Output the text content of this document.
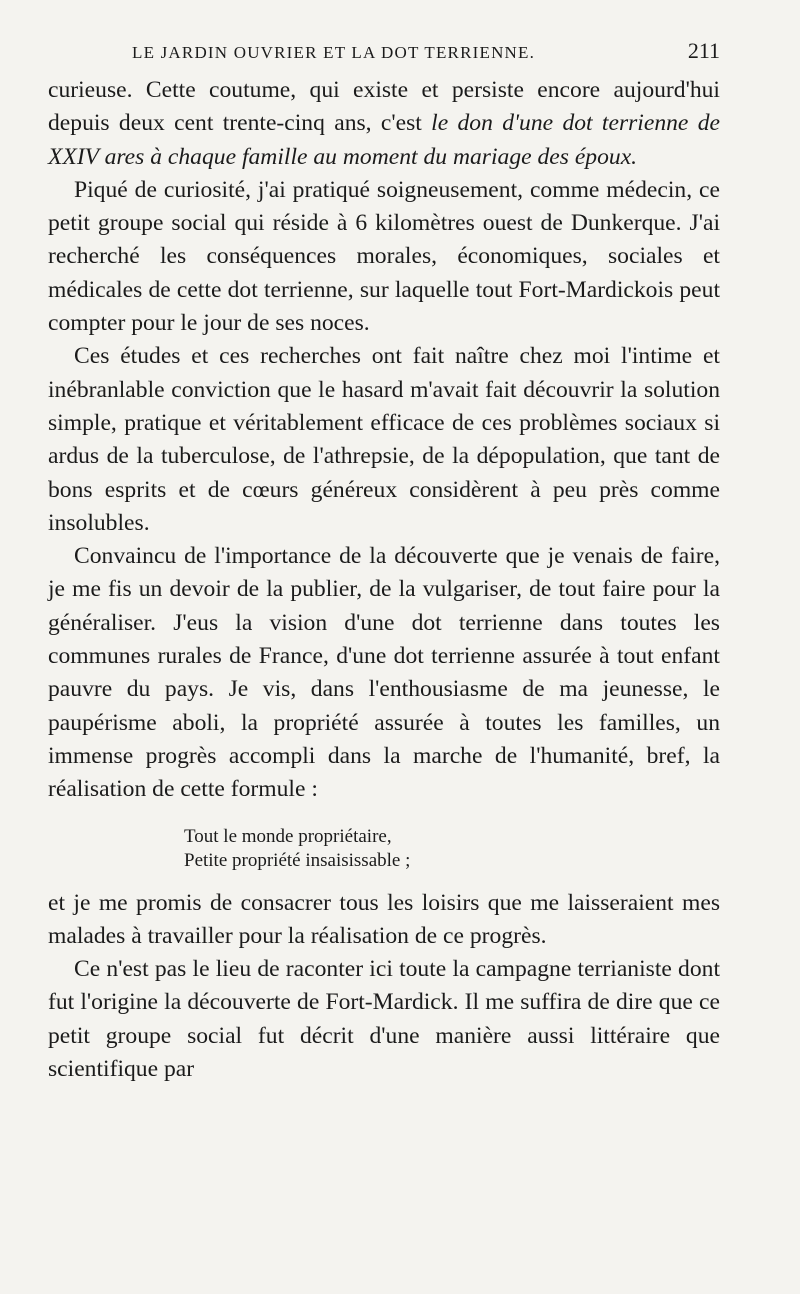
LE JARDIN OUVRIER ET LA DOT TERRIENNE.	211

curieuse. Cette coutume, qui existe et persiste encore aujourd'hui depuis deux cent trente-cinq ans, c'est le don d'une dot terrienne de XXIV ares à chaque famille au moment du mariage des époux.

Piqué de curiosité, j'ai pratiqué soigneusement, comme médecin, ce petit groupe social qui réside à 6 kilomètres ouest de Dunkerque. J'ai recherché les conséquences morales, économiques, sociales et médicales de cette dot terrienne, sur laquelle tout Fort-Mardickois peut compter pour le jour de ses noces.

Ces études et ces recherches ont fait naître chez moi l'intime et inébranlable conviction que le hasard m'avait fait découvrir la solution simple, pratique et véritablement efficace de ces problèmes sociaux si ardus de la tuberculose, de l'athrepsie, de la dépopulation, que tant de bons esprits et de cœurs généreux considèrent à peu près comme insolubles.

Convaincu de l'importance de la découverte que je venais de faire, je me fis un devoir de la publier, de la vulgariser, de tout faire pour la généraliser. J'eus la vision d'une dot terrienne dans toutes les communes rurales de France, d'une dot terrienne assurée à tout enfant pauvre du pays. Je vis, dans l'enthousiasme de ma jeunesse, le paupérisme aboli, la propriété assurée à toutes les familles, un immense progrès accompli dans la marche de l'humanité, bref, la réalisation de cette formule :

Tout le monde propriétaire,
Petite propriété insaisissable ;

et je me promis de consacrer tous les loisirs que me laisseraient mes malades à travailler pour la réalisation de ce progrès.

Ce n'est pas le lieu de raconter ici toute la campagne terrianiste dont fut l'origine la découverte de Fort-Mardick. Il me suffira de dire que ce petit groupe social fut décrit d'une manière aussi littéraire que scientifique par
